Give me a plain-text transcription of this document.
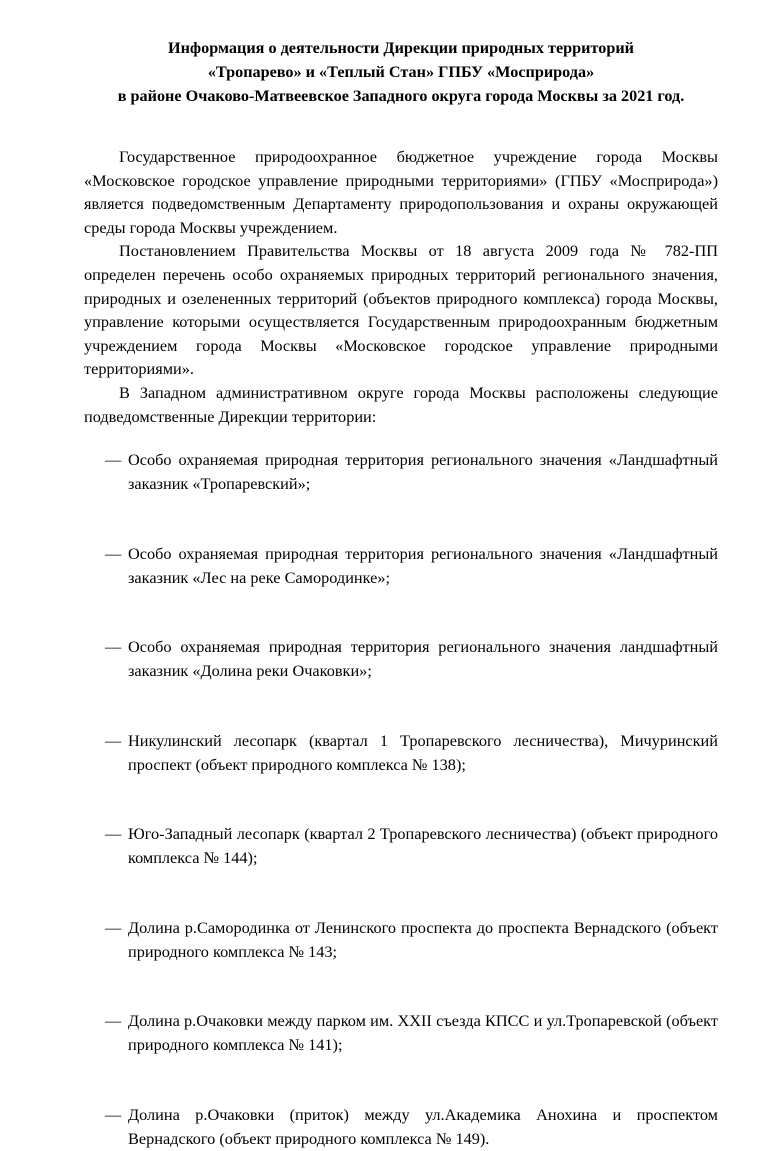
Информация о деятельности Дирекции природных территорий
«Тропарево» и «Теплый Стан» ГПБУ «Мосприрода»
в районе Очаково-Матвеевское Западного округа города Москвы за 2021 год.

Государственное природоохранное бюджетное учреждение города Москвы «Московское городское управление природными территориями» (ГПБУ «Мосприрода») является подведомственным Департаменту природопользования и охраны окружающей среды города Москвы учреждением.

Постановлением Правительства Москвы от 18 августа 2009 года № 782-ПП определен перечень особо охраняемых природных территорий регионального значения, природных и озелененных территорий (объектов природного комплекса) города Москвы, управление которыми осуществляется Государственным природоохранным бюджетным учреждением города Москвы «Московское городское управление природными территориями».

В Западном административном округе города Москвы расположены следующие подведомственные Дирекции территории:

— Особо охраняемая природная территория регионального значения «Ландшафтный заказник «Тропаревский»;
— Особо охраняемая природная территория регионального значения «Ландшафтный заказник «Лес на реке Самородинке»;
— Особо охраняемая природная территория регионального значения ландшафтный заказник «Долина реки Очаковки»;
— Никулинский лесопарк (квартал 1 Тропаревского лесничества), Мичуринский проспект (объект природного комплекса № 138);
— Юго-Западный лесопарк (квартал 2 Тропаревского лесничества) (объект природного комплекса № 144);
— Долина р.Самородинка от Ленинского проспекта до проспекта Вернадского (объект природного комплекса № 143;
— Долина р.Очаковки между парком им. XXII съезда КПСС и ул.Тропаревской (объект природного комплекса № 141);
— Долина р.Очаковки (приток) между ул.Академика Анохина и проспектом Вернадского (объект природного комплекса № 149).
